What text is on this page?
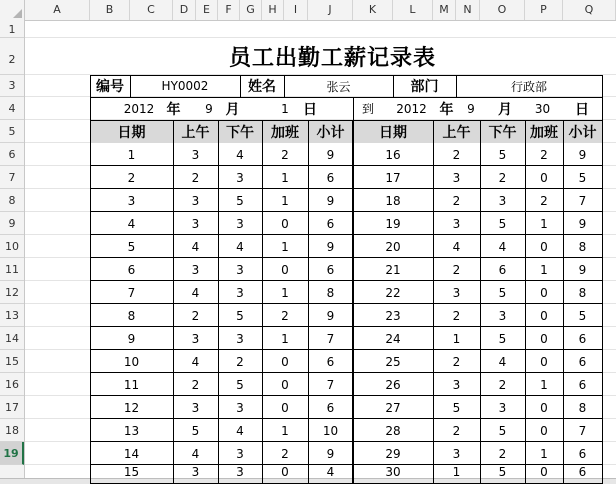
A	B	C	D	E	F	G	H	I	J	K	L	M	N	O	P	Q
1
2
3
4
5
6
7
8
9
10
11
12
13
14
15
16
17
18
19
员工出勤工薪记录表
编号	HY0002	姓名	张云	部门	行政部
2012 年	9 月	1	日	到	2012 年	9	月	30	日
日期	上午	下午	加班	小计	日期	上午	下午 加班 小计
1	3	4	2	9	16	2	5	2	9
2	2	3	1	6	17	3	2	0	5
3	3	5	1	9	18	2	3	2	7
4	3	3	0	6	19	3	5	1	9
5	4	4	1	9	20	4	4	0	8
6	3	3	0	6	21	2	6	1	9
7	4	3	1	8	22	3	5	0	8
8	2	5	2	9	23	2	3	0	5
9	3	3	1	7	24	1	5	0	6
10	4	2	0	6	25	2	4	0	6
11	2	5	0	7	26	3	2	1	6
12	3	3	0	6	27	5	3	0	8
13	5	4	1	10	28	2	5	0	7
14	4	3	2	9	29	3	2	1	6
15	3	3	0	4	30	1	5	0	6
